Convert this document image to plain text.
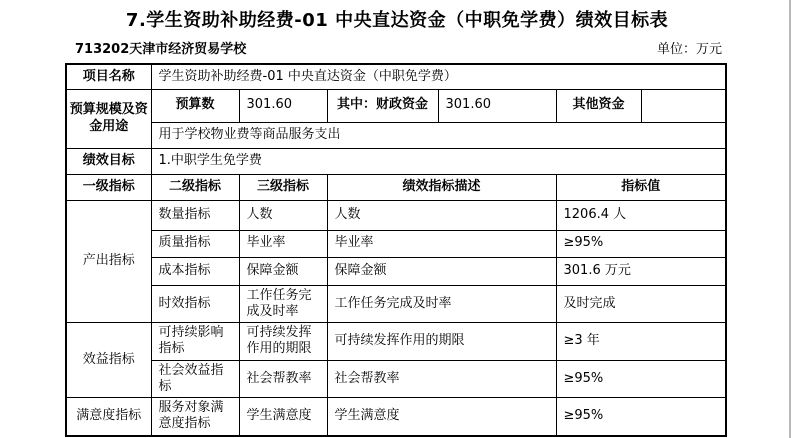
7.学生资助补助经费-01 中央直达资金（中职免学费）绩效目标表
713202天津市经济贸易学校	单位：万元
项目名称	学生资助补助经费-01 中央直达资金（中职免学费）					
预算规模及资金用途	预算数	301.60	其中：财政资金	301.60	其他资金	
	用于学校物业费等商品服务支出					
绩效目标	1.中职学生免学费					
一级指标	二级指标	三级指标	绩效指标描述		指标值	
产出指标	数量指标	人数	人数		1206.4 人	
	质量指标	毕业率	毕业率		≥95%	
	成本指标	保障金额	保障金额		301.6 万元	
	时效指标	工作任务完成及时率	工作任务完成及时率		及时完成	
效益指标	可持续影响指标	可持续发挥作用的期限	可持续发挥作用的期限		≥3 年	
	社会效益指标	社会帮教率	社会帮教率		≥95%	
满意度指标	服务对象满意度指标	学生满意度	学生满意度		≥95%	
